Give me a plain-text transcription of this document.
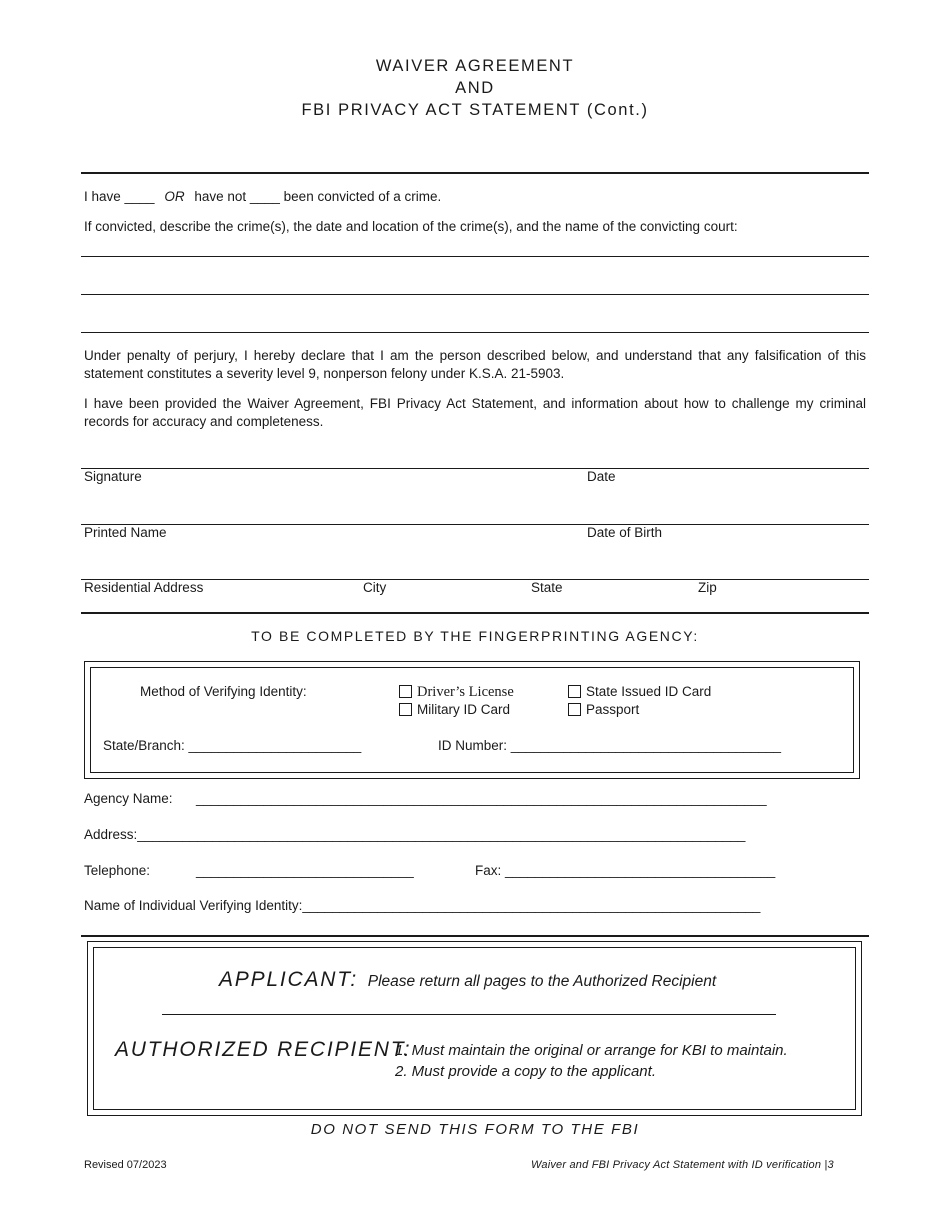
WAIVER AGREEMENT
AND
FBI PRIVACY ACT STATEMENT (Cont.)
I have ____ OR have not ____ been convicted of a crime.
If convicted, describe the crime(s), the date and location of the crime(s), and the name of the convicting court:
Under penalty of perjury, I hereby declare that I am the person described below, and understand that any falsification of this statement constitutes a severity level 9, nonperson felony under K.S.A. 21-5903.
I have been provided the Waiver Agreement, FBI Privacy Act Statement, and information about how to challenge my criminal records for accuracy and completeness.
Signature	Date
Printed Name	Date of Birth
Residential Address	City	State	Zip
TO BE COMPLETED BY THE FINGERPRINTING AGENCY:
Method of Verifying Identity:	Driver’s License	State Issued ID Card
Military ID Card	Passport
State/Branch: _______________________	ID Number: ____________________________________
Agency Name: ____________________________________________________________________________
Address:_________________________________________________________________________________
Telephone:	_____________________________	Fax: ____________________________________
Name of Individual Verifying Identity:_____________________________________________________________
APPLICANT: Please return all pages to the Authorized Recipient
AUTHORIZED RECIPIENT:
1. Must maintain the original or arrange for KBI to maintain.
2. Must provide a copy to the applicant.
DO NOT SEND THIS FORM TO THE FBI
Revised 07/2023	Waiver and FBI Privacy Act Statement with ID verification |3
